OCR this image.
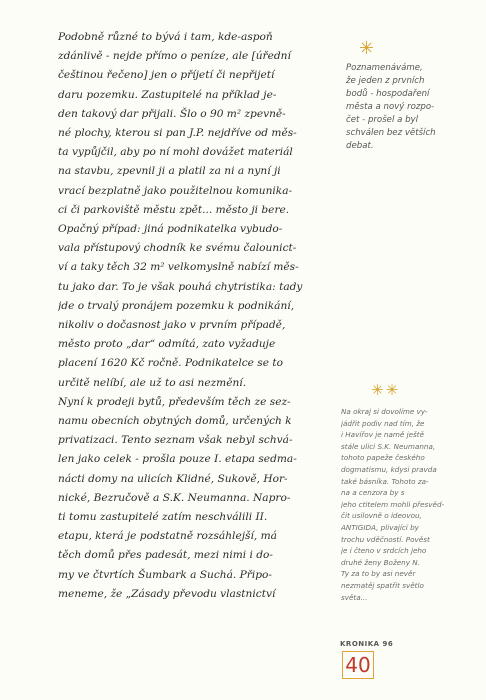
Podobně různé to bývá i tam, kde-aspoň
zdánlivě - nejde přímo o peníze, ale [úřední
češtinou řečeno] jen o příjetí či nepřijetí
daru pozemku. Zastupitelé na příklad je-
den takový dar přijali. Šlo o 90 m² zpevně-
né plochy, kterou si pan J.P. nejdříve od měs-
ta vypůjčil, aby po ní mohl dovážet materiál
na stavbu, zpevnil ji a platil za ni a nyní ji
vrací bezplatně jako použitelnou komunika-
ci či parkoviště městu zpět... město ji bere.
Opačný případ: jiná podnikatelka vybudo-
vala přístupový chodník ke svému čalounict-
ví a taky těch 32 m² velkomyslně nabízí měs-
tu jako dar. To je však pouhá chytristika: tady
jde o trvalý pronájem pozemku k podnikání,
nikoliv o dočasnost jako v prvním případě,
město proto „dar“ odmítá, zato vyžaduje
placení 1620 Kč ročně. Podnikatelce se to
určitě nelíbí, ale už to asi nezmění.

Nyní k prodeji bytů, především těch ze sez-
namu obecních obytných domů, určených k
privatizaci. Tento seznam však nebyl schvá-
len jako celek - prošla pouze I. etapa sedma-
nácti domy na ulicích Klidné, Sukově, Hor-
nické, Bezručově a S.K. Neumanna. Napro-
ti tomu zastupitelé zatím neschválili II.
etapu, která je podstatně rozsáhlejší, má
těch domů přes padesát, mezi nimi i do-
my ve čtvrtích Šumbark a Suchá. Připo-
meneme, že „Zásady převodu vlastnictví

✳
Poznamenáváme,
že jeden z prvních
bodů - hospodaření
města a nový rozpo-
čet - prošel a byl
schválen bez větších
debat.
✳✳
Na okraj si dovolíme vy-
jádřit podiv nad tím, že
i Havířov je namě ještě
stále ulici S.K. Neumanna,
tohoto papeže českého
dogmatismu, kdysi pravda
také básníka. Tohoto za-
na a cenzora by s
jeho ctitelem mohli přesvěd-
čit usilovně o ideovou,
ANTIGIDA, plivající by
trochu vděčností. Pověst
je i čteno v srdcích jeho
druhé ženy Boženy N.
Ty za to by asi nevěr
nezmatěj spatřit světlo
světa...
KRONIKA 96
40
